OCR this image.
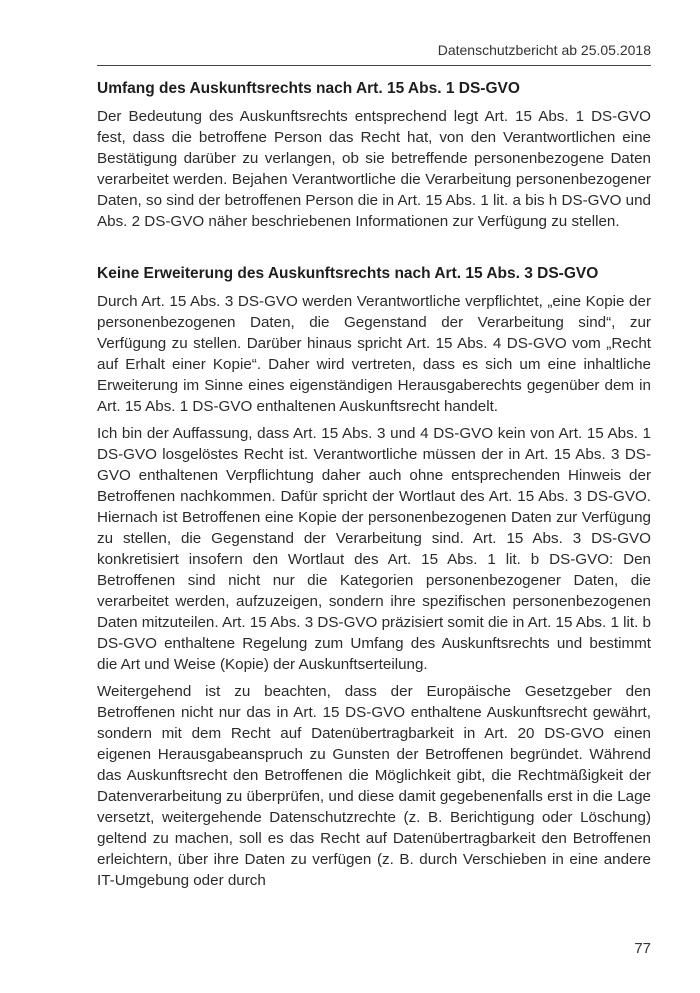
Datenschutzbericht ab 25.05.2018
Umfang des Auskunftsrechts nach Art. 15 Abs. 1 DS-GVO

Der Bedeutung des Auskunftsrechts entsprechend legt Art. 15 Abs. 1 DS-GVO fest, dass die betroffene Person das Recht hat, von den Verantwortlichen eine Bestätigung darüber zu verlangen, ob sie betreffende personenbezogene Daten verarbeitet werden. Bejahen Verantwortliche die Verarbeitung personenbezogener Daten, so sind der betroffenen Person die in Art. 15 Abs. 1 lit. a bis h DS-GVO und Abs. 2 DS-GVO näher beschriebenen Informationen zur Verfügung zu stellen.

Keine Erweiterung des Auskunftsrechts nach Art. 15 Abs. 3 DS-GVO

Durch Art. 15 Abs. 3 DS-GVO werden Verantwortliche verpflichtet, „eine Kopie der personenbezogenen Daten, die Gegenstand der Verarbeitung sind“, zur Verfügung zu stellen. Darüber hinaus spricht Art. 15 Abs. 4 DS-GVO vom „Recht auf Erhalt einer Kopie“. Daher wird vertreten, dass es sich um eine inhaltliche Erweiterung im Sinne eines eigenständigen Herausgaberechts gegenüber dem in Art. 15 Abs. 1 DS-GVO enthaltenen Auskunftsrecht handelt.

Ich bin der Auffassung, dass Art. 15 Abs. 3 und 4 DS-GVO kein von Art. 15 Abs. 1 DS-GVO losgelöstes Recht ist. Verantwortliche müssen der in Art. 15 Abs. 3 DS-GVO enthaltenen Verpflichtung daher auch ohne entsprechenden Hinweis der Betroffenen nachkommen. Dafür spricht der Wortlaut des Art. 15 Abs. 3 DS-GVO. Hiernach ist Betroffenen eine Kopie der personenbezogenen Daten zur Verfügung zu stellen, die Gegenstand der Verarbeitung sind. Art. 15 Abs. 3 DS-GVO konkretisiert insofern den Wortlaut des Art. 15 Abs. 1 lit. b DS-GVO: Den Betroffenen sind nicht nur die Kategorien personenbezogener Daten, die verarbeitet werden, aufzuzeigen, sondern ihre spezifischen personenbezogenen Daten mitzuteilen. Art. 15 Abs. 3 DS-GVO präzisiert somit die in Art. 15 Abs. 1 lit. b DS-GVO enthaltene Regelung zum Umfang des Auskunftsrechts und bestimmt die Art und Weise (Kopie) der Auskunftserteilung.

Weitergehend ist zu beachten, dass der Europäische Gesetzgeber den Betroffenen nicht nur das in Art. 15 DS-GVO enthaltene Auskunftsrecht gewährt, sondern mit dem Recht auf Datenübertragbarkeit in Art. 20 DS-GVO einen eigenen Herausgabeanspruch zu Gunsten der Betroffenen begründet. Während das Auskunftsrecht den Betroffenen die Möglichkeit gibt, die Rechtmäßigkeit der Datenverarbeitung zu überprüfen, und diese damit gegebenenfalls erst in die Lage versetzt, weitergehende Datenschutzrechte (z. B. Berichtigung oder Löschung) geltend zu machen, soll es das Recht auf Datenübertragbarkeit den Betroffenen erleichtern, über ihre Daten zu verfügen (z. B. durch Verschieben in eine andere IT-Umgebung oder durch

77
